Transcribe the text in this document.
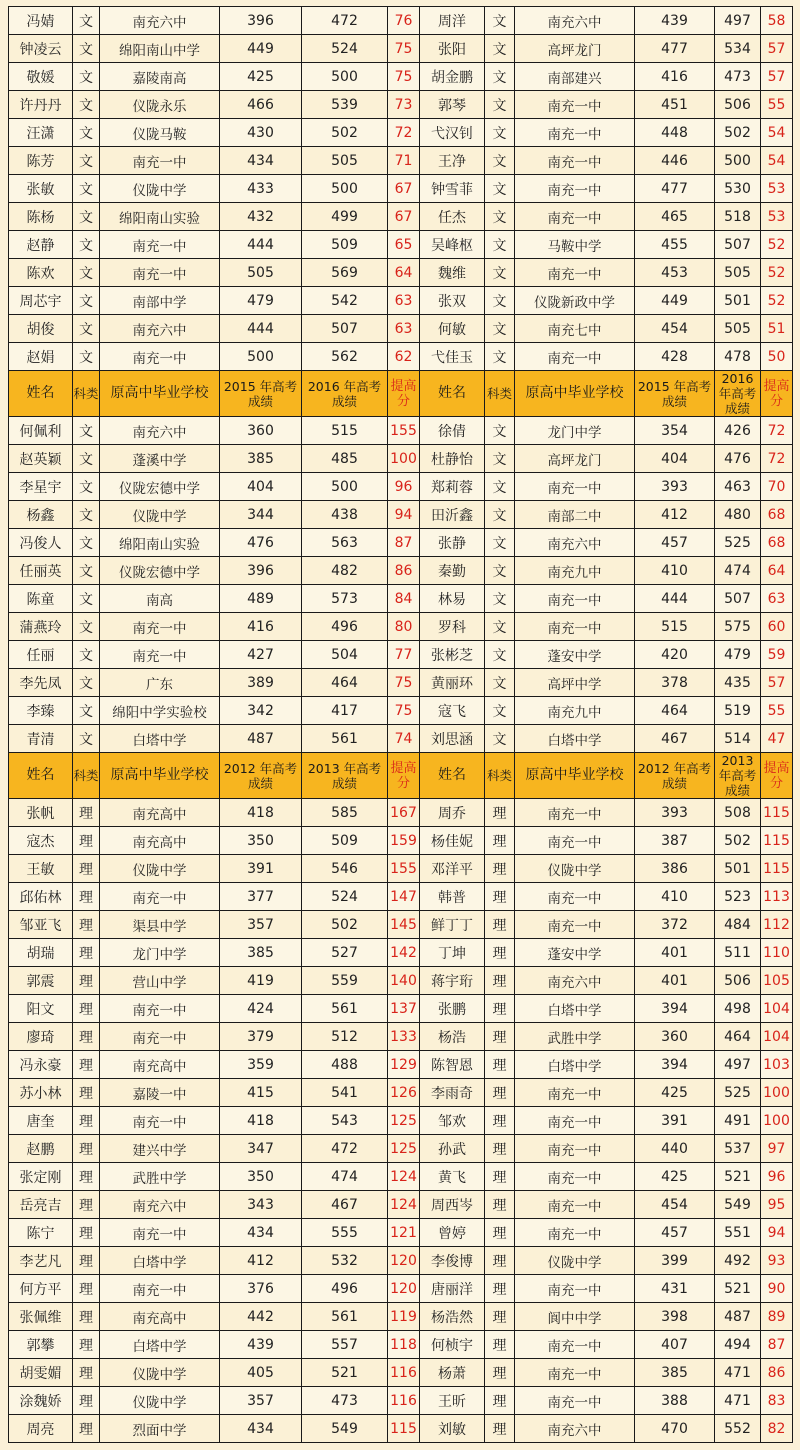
冯婧	文	南充六中	396	472	76	周洋	文	南充六中	439	497	58
钟凌云	文	绵阳南山中学	449	524	75	张阳	文	高坪龙门	477	534	57
敬媛	文	嘉陵南高	425	500	75	胡金鹏	文	南部建兴	416	473	57
许丹丹	文	仪陇永乐	466	539	73	郭琴	文	南充一中	451	506	55
汪潇	文	仪陇马鞍	430	502	72	弋汉钊	文	南充一中	448	502	54
陈芳	文	南充一中	434	505	71	王净	文	南充一中	446	500	54
张敏	文	仪陇中学	433	500	67	钟雪菲	文	南充一中	477	530	53
陈杨	文	绵阳南山实验	432	499	67	任杰	文	南充一中	465	518	53
赵静	文	南充一中	444	509	65	吴峰枢	文	马鞍中学	455	507	52
陈欢	文	南充一中	505	569	64	魏维	文	南充一中	453	505	52
周芯宇	文	南部中学	479	542	63	张双	文	仪陇新政中学	449	501	52
胡俊	文	南充六中	444	507	63	何敏	文	南充七中	454	505	51
赵娟	文	南充一中	500	562	62	弋佳玉	文	南充一中	428	478	50
姓名	科类	原高中毕业学校	2015 年高考成绩	2016 年高考成绩	提高分	姓名	科类	原高中毕业学校	2015 年高考成绩	2016 年高考成绩	提高分
何佩利	文	南充六中	360	515	155	徐倩	文	龙门中学	354	426	72
赵英颖	文	蓬溪中学	385	485	100	杜静怡	文	高坪龙门	404	476	72
李星宇	文	仪陇宏德中学	404	500	96	郑莉蓉	文	南充一中	393	463	70
杨鑫	文	仪陇中学	344	438	94	田沂鑫	文	南部二中	412	480	68
冯俊人	文	绵阳南山实验	476	563	87	张静	文	南充六中	457	525	68
任丽英	文	仪陇宏德中学	396	482	86	秦勤	文	南充九中	410	474	64
陈童	文	南高	489	573	84	林易	文	南充一中	444	507	63
蒲燕玲	文	南充一中	416	496	80	罗科	文	南充一中	515	575	60
任丽	文	南充一中	427	504	77	张彬芝	文	蓬安中学	420	479	59
李先凤	文	广东	389	464	75	黄丽环	文	高坪中学	378	435	57
李臻	文	绵阳中学实验校	342	417	75	寇飞	文	南充九中	464	519	55
青清	文	白塔中学	487	561	74	刘思涵	文	白塔中学	467	514	47
姓名	科类	原高中毕业学校	2012 年高考成绩	2013 年高考成绩	提高分	姓名	科类	原高中毕业学校	2012 年高考成绩	2013 年高考成绩	提高分
张帆	理	南充高中	418	585	167	周乔	理	南充一中	393	508	115
寇杰	理	南充高中	350	509	159	杨佳妮	理	南充一中	387	502	115
王敏	理	仪陇中学	391	546	155	邓洋平	理	仪陇中学	386	501	115
邱佑林	理	南充一中	377	524	147	韩普	理	南充一中	410	523	113
邹亚飞	理	渠县中学	357	502	145	鲜丁丁	理	南充一中	372	484	112
胡瑞	理	龙门中学	385	527	142	丁坤	理	蓬安中学	401	511	110
郭震	理	营山中学	419	559	140	蒋宇珩	理	南充六中	401	506	105
阳文	理	南充一中	424	561	137	张鹏	理	白塔中学	394	498	104
廖琦	理	南充一中	379	512	133	杨浩	理	武胜中学	360	464	104
冯永豪	理	南充高中	359	488	129	陈智恩	理	白塔中学	394	497	103
苏小林	理	嘉陵一中	415	541	126	李雨奇	理	南充一中	425	525	100
唐奎	理	南充一中	418	543	125	邹欢	理	南充一中	391	491	100
赵鹏	理	建兴中学	347	472	125	孙武	理	南充一中	440	537	97
张定刚	理	武胜中学	350	474	124	黄飞	理	南充一中	425	521	96
岳亮吉	理	南充六中	343	467	124	周西岑	理	南充一中	454	549	95
陈宁	理	南充一中	434	555	121	曾婷	理	南充一中	457	551	94
李艺凡	理	白塔中学	412	532	120	李俊博	理	仪陇中学	399	492	93
何方平	理	南充一中	376	496	120	唐丽洋	理	南充一中	431	521	90
张佩维	理	南充高中	442	561	119	杨浩然	理	阆中中学	398	487	89
郭攀	理	白塔中学	439	557	118	何桢宇	理	南充一中	407	494	87
胡雯媚	理	仪陇中学	405	521	116	杨萧	理	南充一中	385	471	86
涂魏娇	理	仪陇中学	357	473	116	王昕	理	南充一中	388	471	83
周亮	理	烈面中学	434	549	115	刘敏	理	南充六中	470	552	82
